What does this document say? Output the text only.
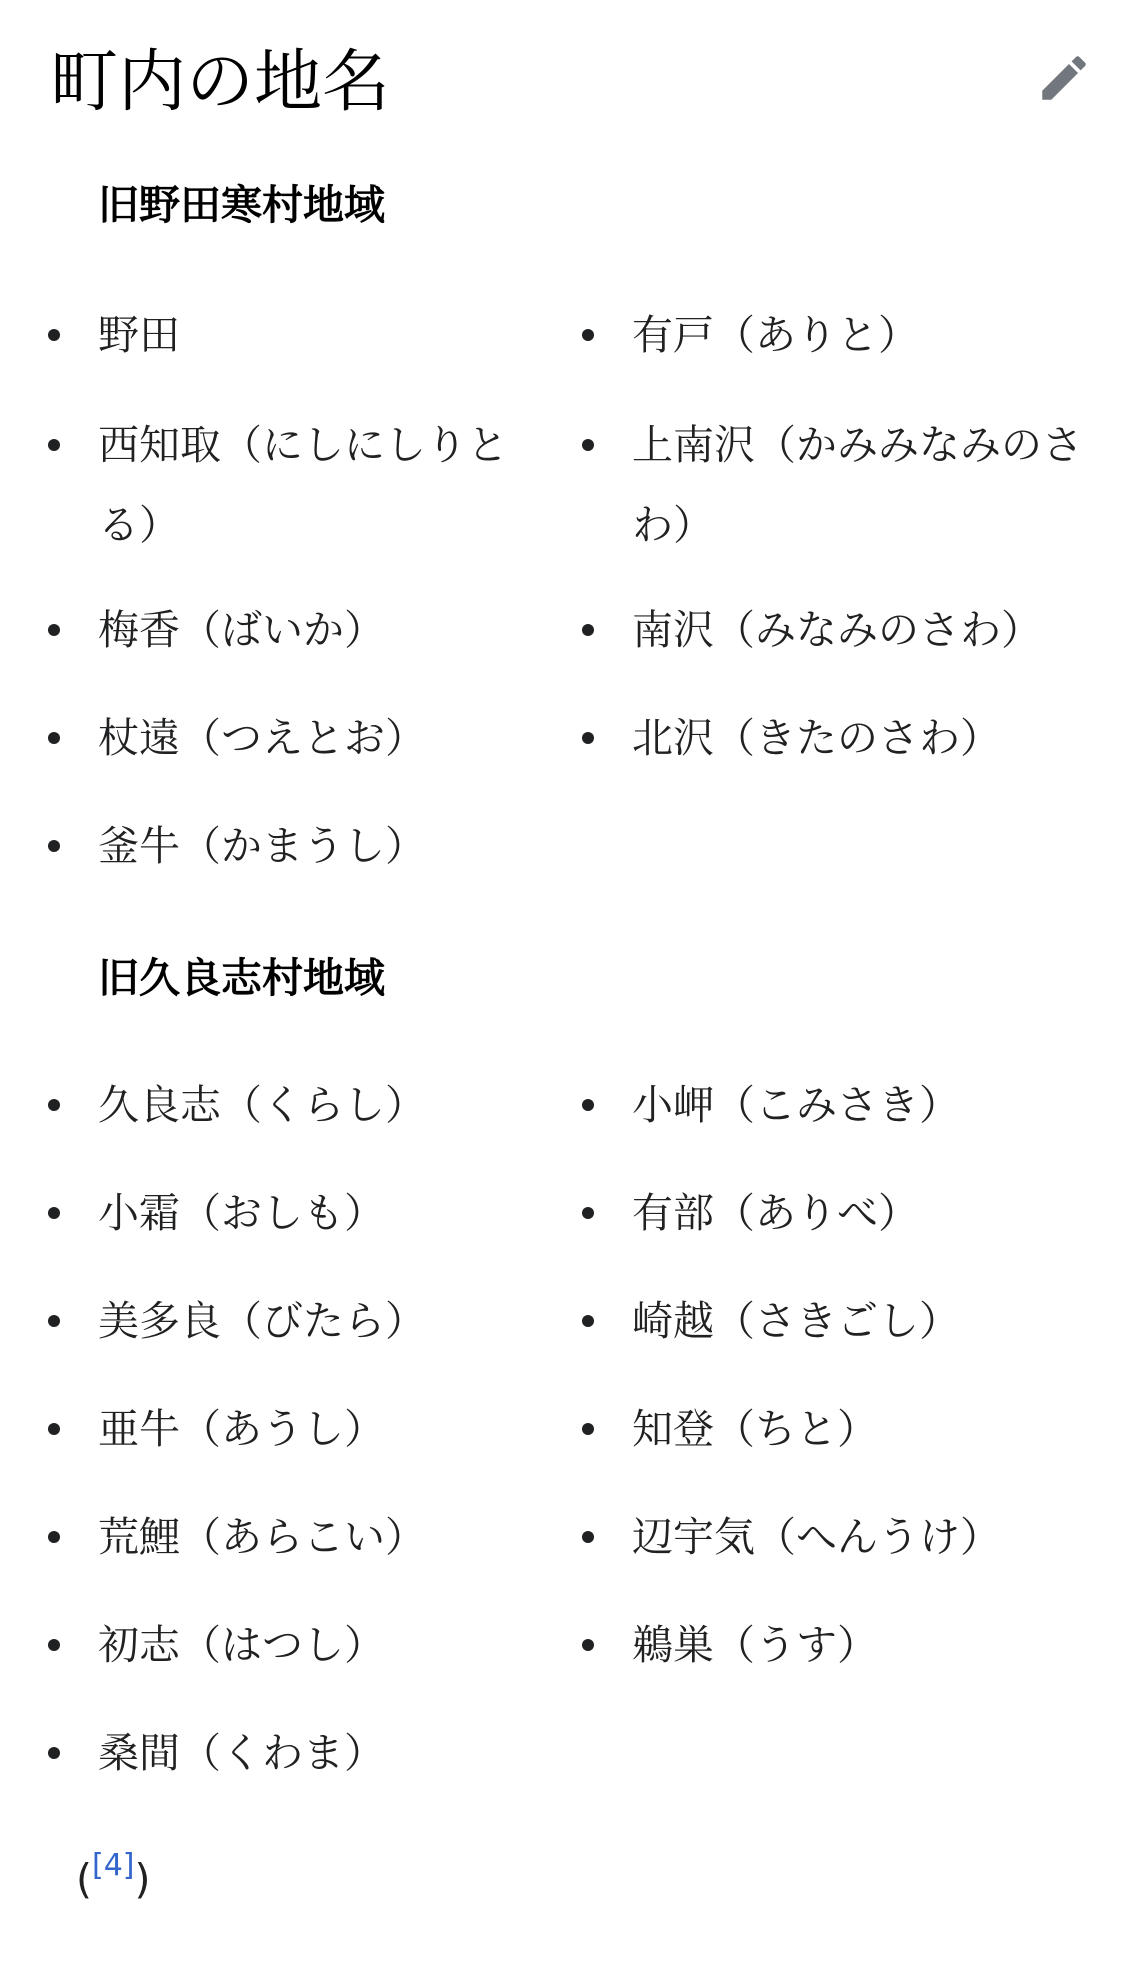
町内の地名
旧野田寒村地域
野田
西知取（にしにしりとる）
梅香（ばいか）
杖遠（つえとお）
釜牛（かまうし）
有戸（ありと）
上南沢（かみみなみのさわ）
南沢（みなみのさわ）
北沢（きたのさわ）
旧久良志村地域
久良志（くらし）
小霜（おしも）
美多良（びたら）
亜牛（あうし）
荒鯉（あらこい）
初志（はつし）
桑間（くわま）
小岬（こみさき）
有部（ありべ）
崎越（さきごし）
知登（ちと）
辺宇気（へんうけ）
鵜巣（うす）
([4])
